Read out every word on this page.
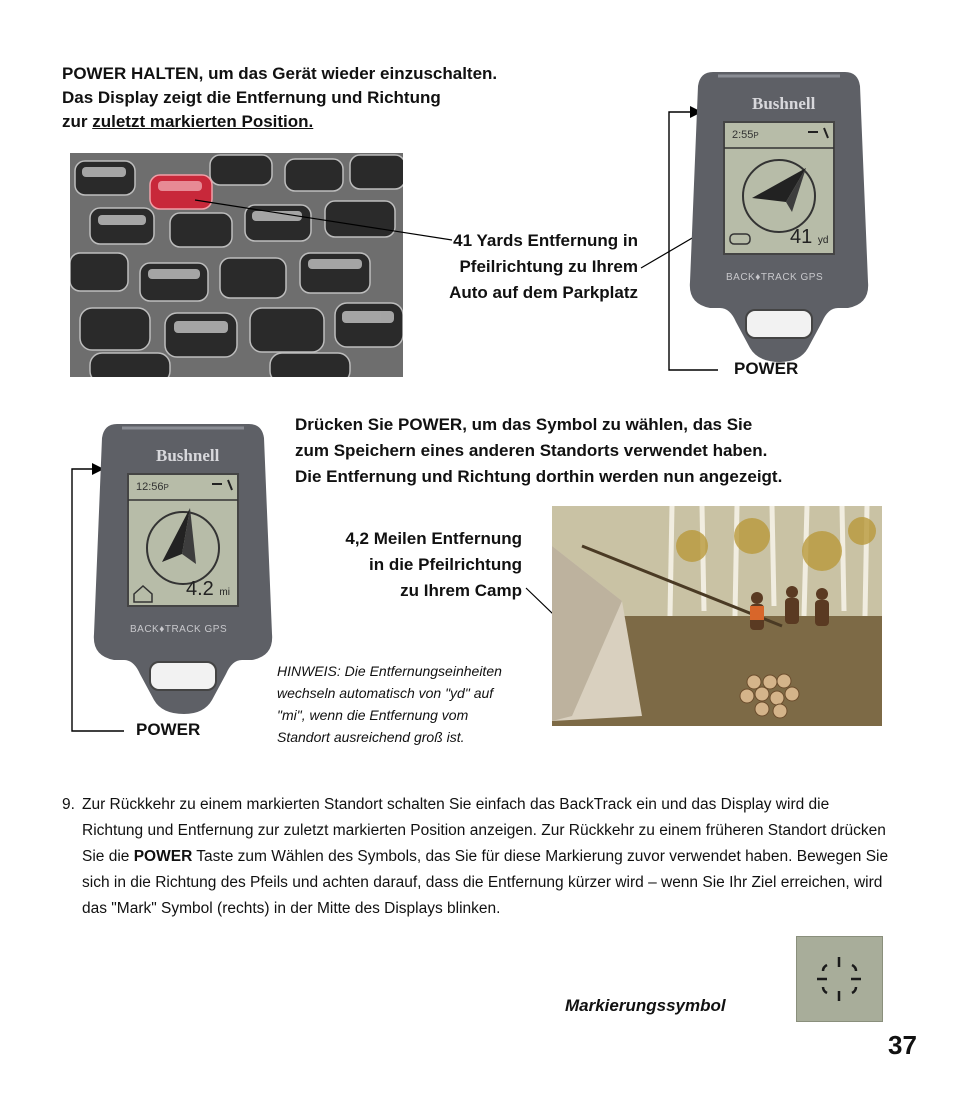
POWER HALTEN, um das Gerät wieder einzuschalten.
Das Display zeigt die Entfernung und Richtung
zur zuletzt markierten Position.
41 Yards Entfernung in
Pfeilrichtung zu Ihrem
Auto auf dem Parkplatz
Bushnell
2:55P
41 yd
BACK♦TRACK GPS
POWER
Drücken Sie POWER, um das Symbol zu wählen, das Sie
zum Speichern eines anderen Standorts verwendet haben.
Die Entfernung und Richtung dorthin werden nun angezeigt.
Bushnell
12:56P
4.2 mi
BACK♦TRACK GPS
POWER
4,2 Meilen Entfernung
in die Pfeilrichtung
zu Ihrem Camp
HINWEIS: Die Entfernungseinheiten
wechseln automatisch von "yd" auf
"mi", wenn die Entfernung vom
Standort ausreichend groß ist.
9. Zur Rückkehr zu einem markierten Standort schalten Sie einfach das BackTrack ein und das Display wird die Richtung und Entfernung zur zuletzt markierten Position anzeigen. Zur Rückkehr zu einem früheren Standort drücken Sie die POWER Taste zum Wählen des Symbols, das Sie für diese Markierung zuvor verwendet haben. Bewegen Sie sich in die Richtung des Pfeils und achten darauf, dass die Entfernung kürzer wird – wenn Sie Ihr Ziel erreichen, wird das "Mark" Symbol (rechts) in der Mitte des Displays blinken.
Markierungssymbol
37
